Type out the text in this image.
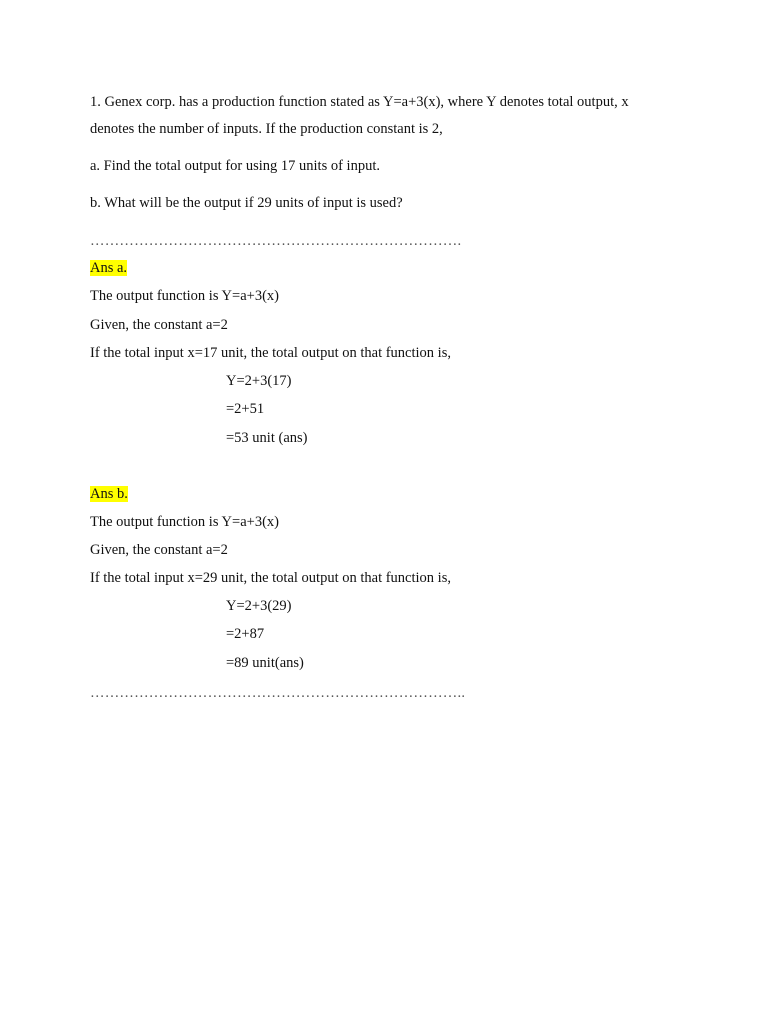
1. Genex corp. has a production function stated as Y=a+3(x), where Y denotes total output, x
denotes the number of inputs. If the production constant is 2,
a. Find the total output for using 17 units of input.
b. What will be the output if 29 units of input is used?
………………………………………………………………….
Ans a.
The output function is Y=a+3(x)
Given, the constant a=2
If the total input x=17 unit, the total output on that function is,
Y=2+3(17)
=2+51
=53 unit (ans)
Ans b.
The output function is Y=a+3(x)
Given, the constant a=2
If the total input x=29 unit, the total output on that function is,
Y=2+3(29)
=2+87
=89 unit(ans)
…………………………………………………………………..
